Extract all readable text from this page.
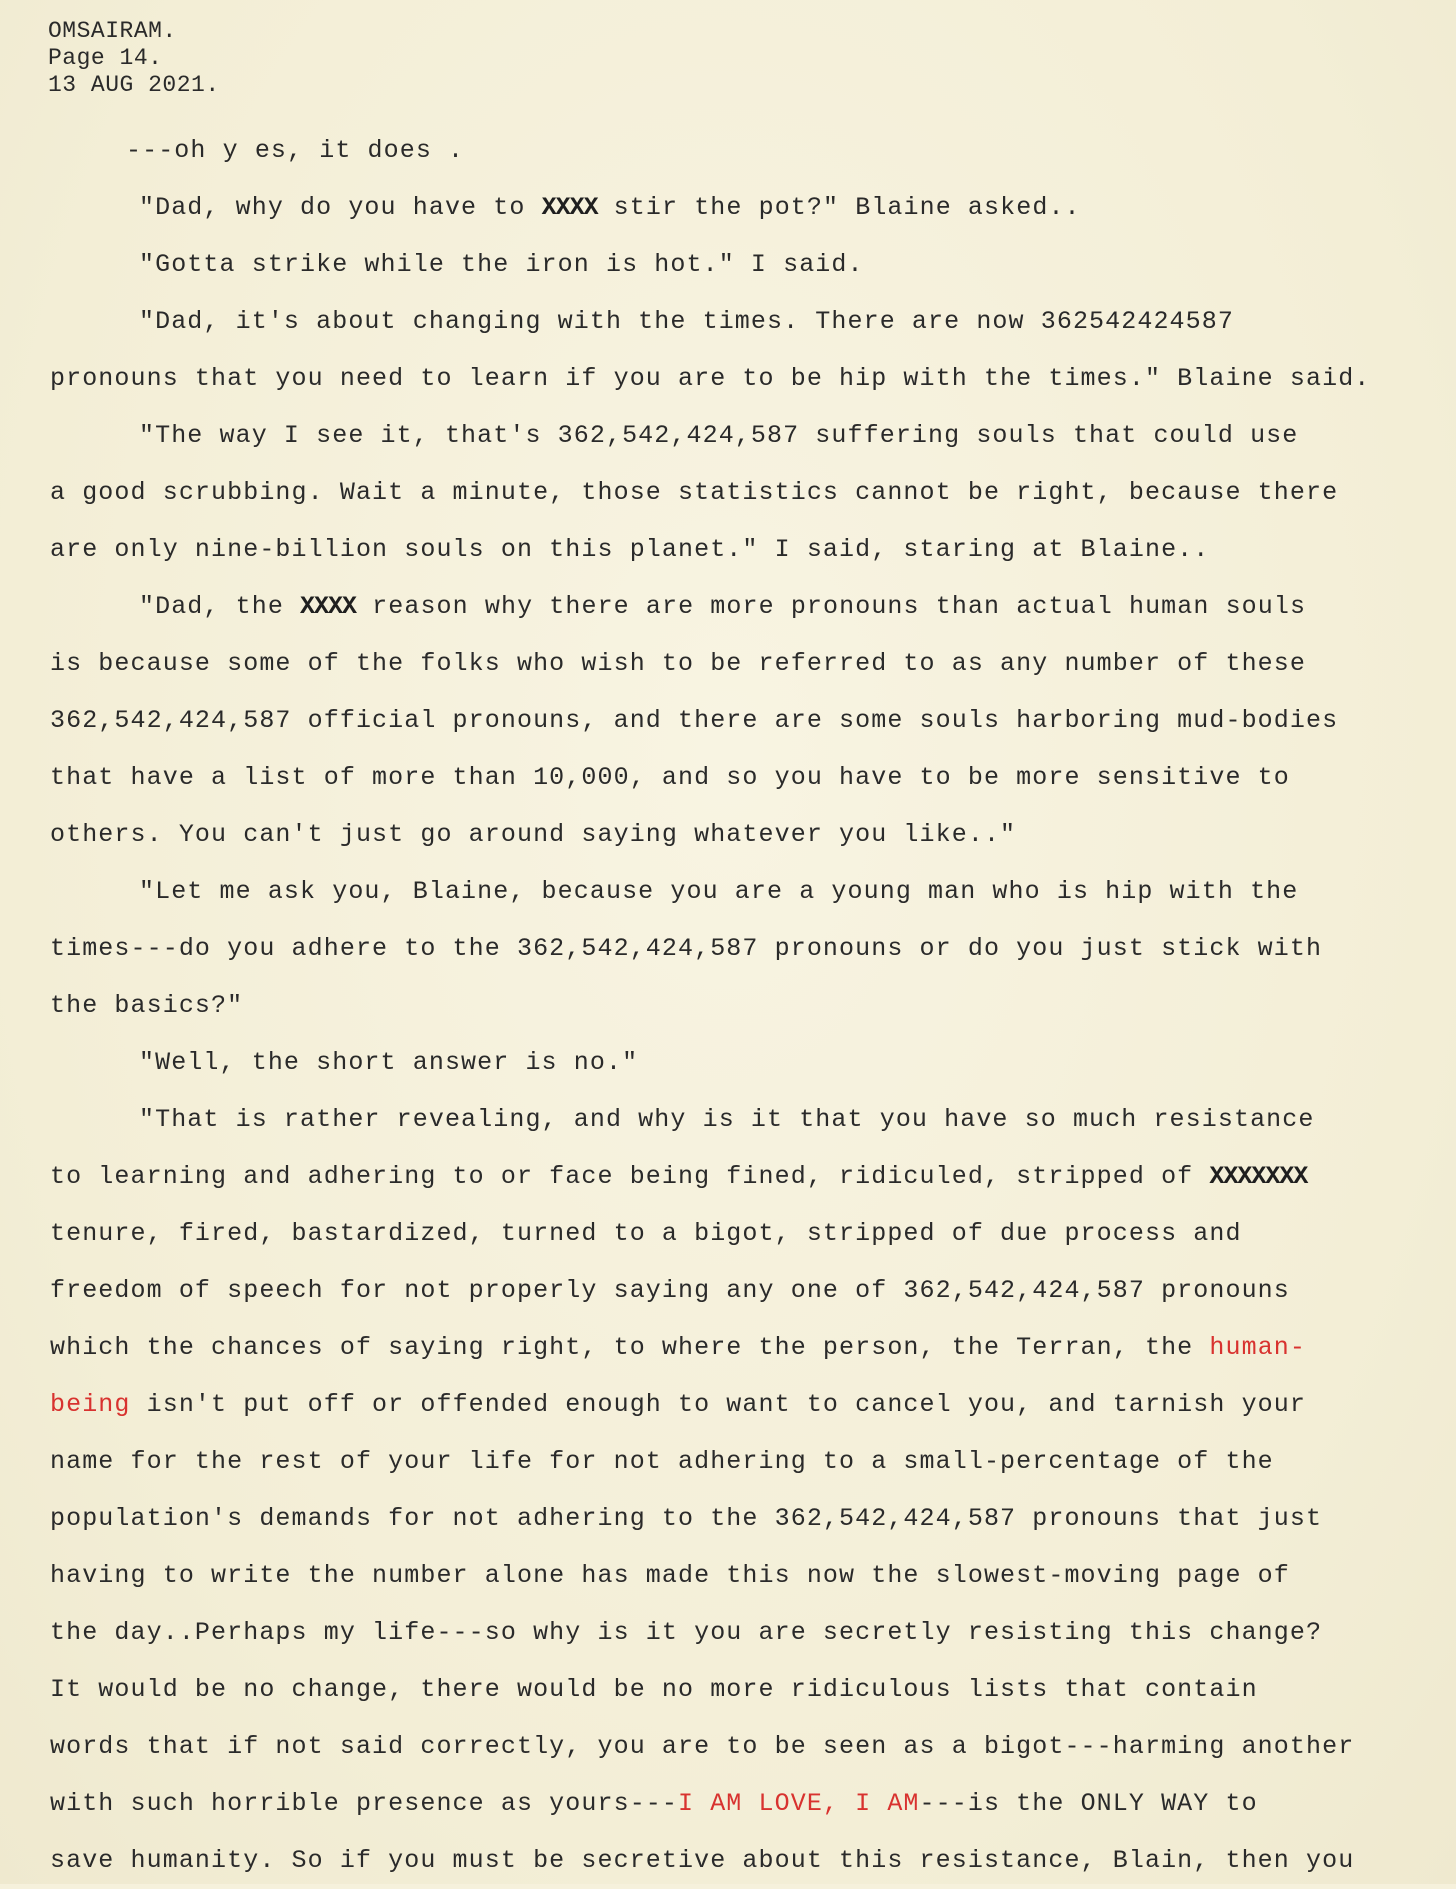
OMSAIRAM.
Page 14.
13 AUG 2021.
---oh y es, it does .
"Dad, why do you have to XXXX stir the pot?" Blaine asked..
"Gotta strike while the iron is hot." I said.
"Dad, it's about changing with the times. There are now 362542424587
pronouns that you need to learn if you are to be hip with the times." Blaine said.
"The way I see it, that's 362,542,424,587 suffering souls that could use
a good scrubbing. Wait a minute, those statistics cannot be right, because there
are only nine-billion souls on this planet." I said, staring at Blaine..
"Dad, the XXXX reason why there are more pronouns than actual human souls
is because some of the folks who wish to be referred to as any number of these
362,542,424,587 official pronouns, and there are some souls harboring mud-bodies
that have a list of more than 10,000, and so you have to be more sensitive to
others. You can't just go around saying whatever you like.."
"Let me ask you, Blaine, because you are a young man who is hip with the
times---do you adhere to the 362,542,424,587 pronouns or do you just stick with
the basics?"
"Well, the short answer is no."
"That is rather revealing, and why is it that you have so much resistance
to learning and adhering to or face being fined, ridiculed, stripped of XXXXXXX
tenure, fired, bastardized, turned to a bigot, stripped of due process and
freedom of speech for not properly saying any one of 362,542,424,587 pronouns
which the chances of saying right, to where the person, the Terran, the human-
being isn't put off or offended enough to want to cancel you, and tarnish your
name for the rest of your life for not adhering to a small-percentage of the
population's demands for not adhering to the 362,542,424,587 pronouns that just
having to write the number alone has made this now the slowest-moving page of
the day..Perhaps my life---so why is it you are secretly resisting this change?
It would be no change, there would be no more ridiculous lists that contain
words that if not said correctly, you are to be seen as a bigot---harming another
with such horrible presence as yours---I AM LOVE, I AM---is the ONLY WAY to
save humanity. So if you must be secretive about this resistance, Blain, then you
